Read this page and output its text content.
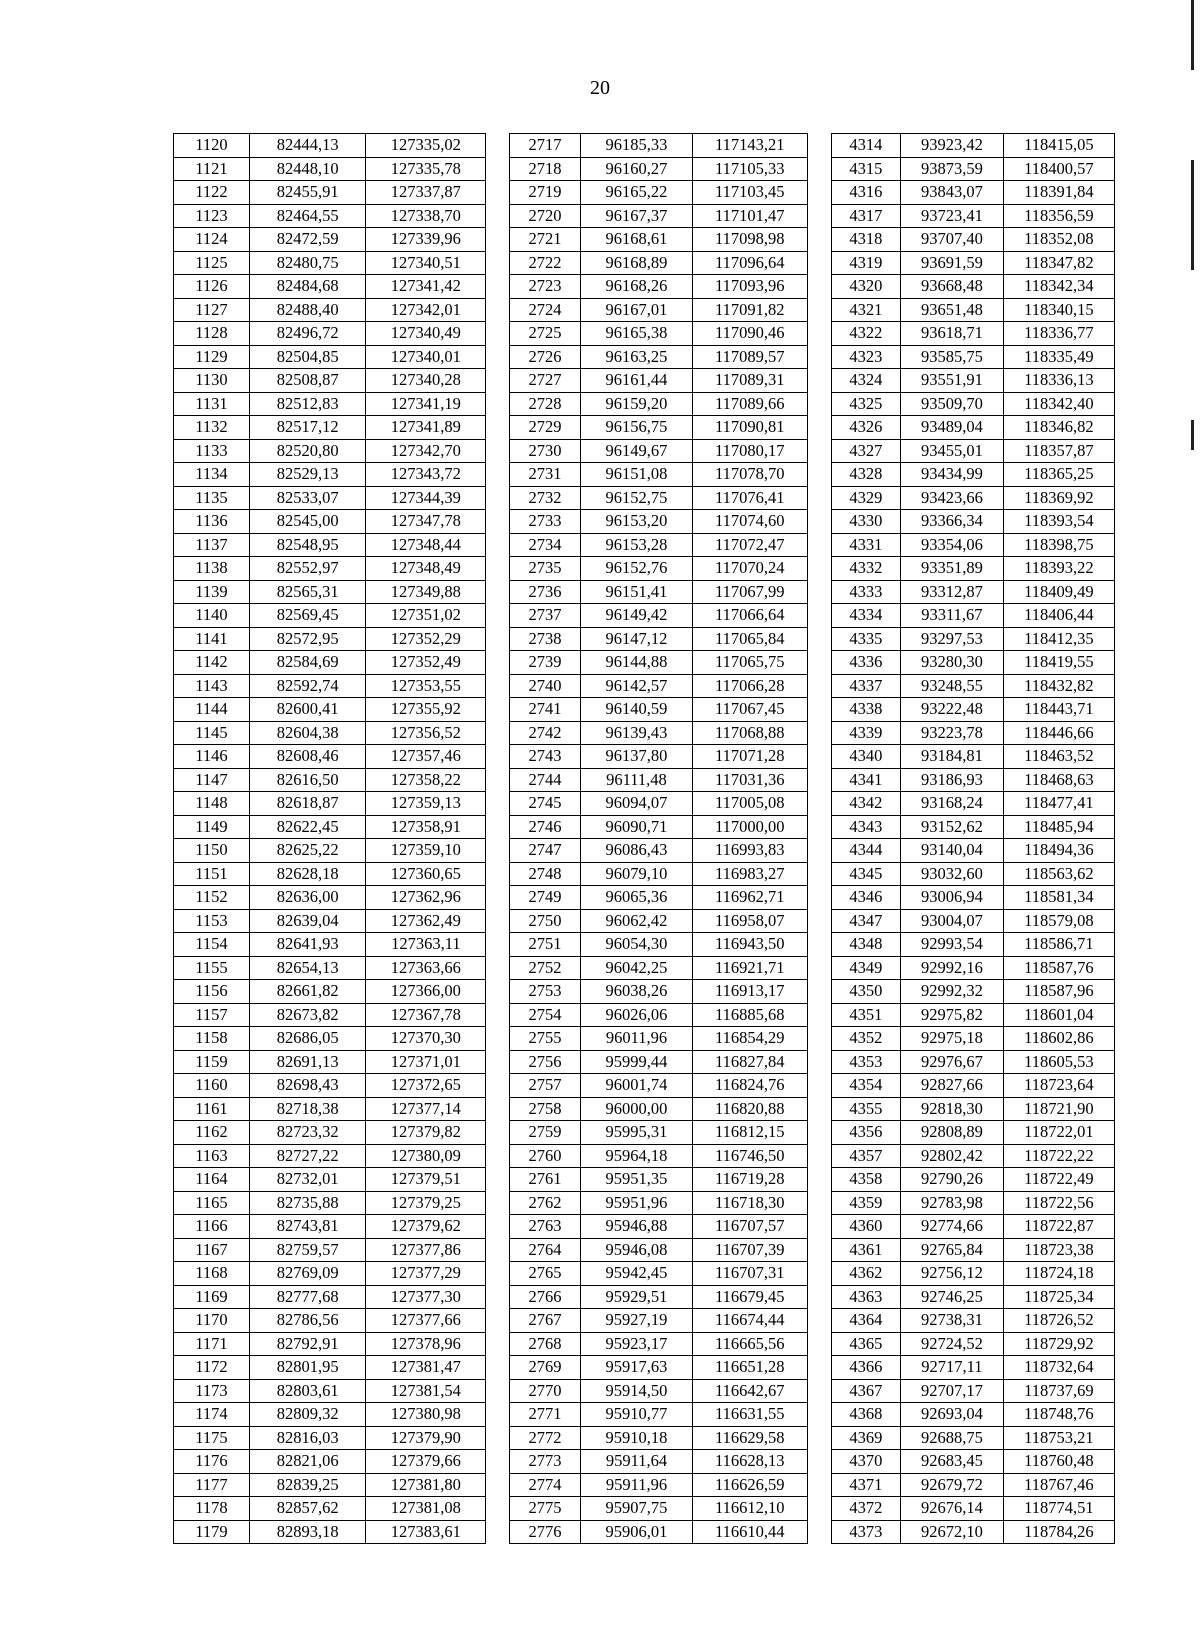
20
1120	82444,13	127335,02		2717	96185,33	117143,21		4314	93923,42	118415,05
1121	82448,10	127335,78		2718	96160,27	117105,33		4315	93873,59	118400,57
1122	82455,91	127337,87		2719	96165,22	117103,45		4316	93843,07	118391,84
1123	82464,55	127338,70		2720	96167,37	117101,47		4317	93723,41	118356,59
1124	82472,59	127339,96		2721	96168,61	117098,98		4318	93707,40	118352,08
1125	82480,75	127340,51		2722	96168,89	117096,64		4319	93691,59	118347,82
1126	82484,68	127341,42		2723	96168,26	117093,96		4320	93668,48	118342,34
1127	82488,40	127342,01		2724	96167,01	117091,82		4321	93651,48	118340,15
1128	82496,72	127340,49		2725	96165,38	117090,46		4322	93618,71	118336,77
1129	82504,85	127340,01		2726	96163,25	117089,57		4323	93585,75	118335,49
1130	82508,87	127340,28		2727	96161,44	117089,31		4324	93551,91	118336,13
1131	82512,83	127341,19		2728	96159,20	117089,66		4325	93509,70	118342,40
1132	82517,12	127341,89		2729	96156,75	117090,81		4326	93489,04	118346,82
1133	82520,80	127342,70		2730	96149,67	117080,17		4327	93455,01	118357,87
1134	82529,13	127343,72		2731	96151,08	117078,70		4328	93434,99	118365,25
1135	82533,07	127344,39		2732	96152,75	117076,41		4329	93423,66	118369,92
1136	82545,00	127347,78		2733	96153,20	117074,60		4330	93366,34	118393,54
1137	82548,95	127348,44		2734	96153,28	117072,47		4331	93354,06	118398,75
1138	82552,97	127348,49		2735	96152,76	117070,24		4332	93351,89	118393,22
1139	82565,31	127349,88		2736	96151,41	117067,99		4333	93312,87	118409,49
1140	82569,45	127351,02		2737	96149,42	117066,64		4334	93311,67	118406,44
1141	82572,95	127352,29		2738	96147,12	117065,84		4335	93297,53	118412,35
1142	82584,69	127352,49		2739	96144,88	117065,75		4336	93280,30	118419,55
1143	82592,74	127353,55		2740	96142,57	117066,28		4337	93248,55	118432,82
1144	82600,41	127355,92		2741	96140,59	117067,45		4338	93222,48	118443,71
1145	82604,38	127356,52		2742	96139,43	117068,88		4339	93223,78	118446,66
1146	82608,46	127357,46		2743	96137,80	117071,28		4340	93184,81	118463,52
1147	82616,50	127358,22		2744	96111,48	117031,36		4341	93186,93	118468,63
1148	82618,87	127359,13		2745	96094,07	117005,08		4342	93168,24	118477,41
1149	82622,45	127358,91		2746	96090,71	117000,00		4343	93152,62	118485,94
1150	82625,22	127359,10		2747	96086,43	116993,83		4344	93140,04	118494,36
1151	82628,18	127360,65		2748	96079,10	116983,27		4345	93032,60	118563,62
1152	82636,00	127362,96		2749	96065,36	116962,71		4346	93006,94	118581,34
1153	82639,04	127362,49		2750	96062,42	116958,07		4347	93004,07	118579,08
1154	82641,93	127363,11		2751	96054,30	116943,50		4348	92993,54	118586,71
1155	82654,13	127363,66		2752	96042,25	116921,71		4349	92992,16	118587,76
1156	82661,82	127366,00		2753	96038,26	116913,17		4350	92992,32	118587,96
1157	82673,82	127367,78		2754	96026,06	116885,68		4351	92975,82	118601,04
1158	82686,05	127370,30		2755	96011,96	116854,29		4352	92975,18	118602,86
1159	82691,13	127371,01		2756	95999,44	116827,84		4353	92976,67	118605,53
1160	82698,43	127372,65		2757	96001,74	116824,76		4354	92827,66	118723,64
1161	82718,38	127377,14		2758	96000,00	116820,88		4355	92818,30	118721,90
1162	82723,32	127379,82		2759	95995,31	116812,15		4356	92808,89	118722,01
1163	82727,22	127380,09		2760	95964,18	116746,50		4357	92802,42	118722,22
1164	82732,01	127379,51		2761	95951,35	116719,28		4358	92790,26	118722,49
1165	82735,88	127379,25		2762	95951,96	116718,30		4359	92783,98	118722,56
1166	82743,81	127379,62		2763	95946,88	116707,57		4360	92774,66	118722,87
1167	82759,57	127377,86		2764	95946,08	116707,39		4361	92765,84	118723,38
1168	82769,09	127377,29		2765	95942,45	116707,31		4362	92756,12	118724,18
1169	82777,68	127377,30		2766	95929,51	116679,45		4363	92746,25	118725,34
1170	82786,56	127377,66		2767	95927,19	116674,44		4364	92738,31	118726,52
1171	82792,91	127378,96		2768	95923,17	116665,56		4365	92724,52	118729,92
1172	82801,95	127381,47		2769	95917,63	116651,28		4366	92717,11	118732,64
1173	82803,61	127381,54		2770	95914,50	116642,67		4367	92707,17	118737,69
1174	82809,32	127380,98		2771	95910,77	116631,55		4368	92693,04	118748,76
1175	82816,03	127379,90		2772	95910,18	116629,58		4369	92688,75	118753,21
1176	82821,06	127379,66		2773	95911,64	116628,13		4370	92683,45	118760,48
1177	82839,25	127381,80		2774	95911,96	116626,59		4371	92679,72	118767,46
1178	82857,62	127381,08		2775	95907,75	116612,10		4372	92676,14	118774,51
1179	82893,18	127383,61		2776	95906,01	116610,44		4373	92672,10	118784,26
